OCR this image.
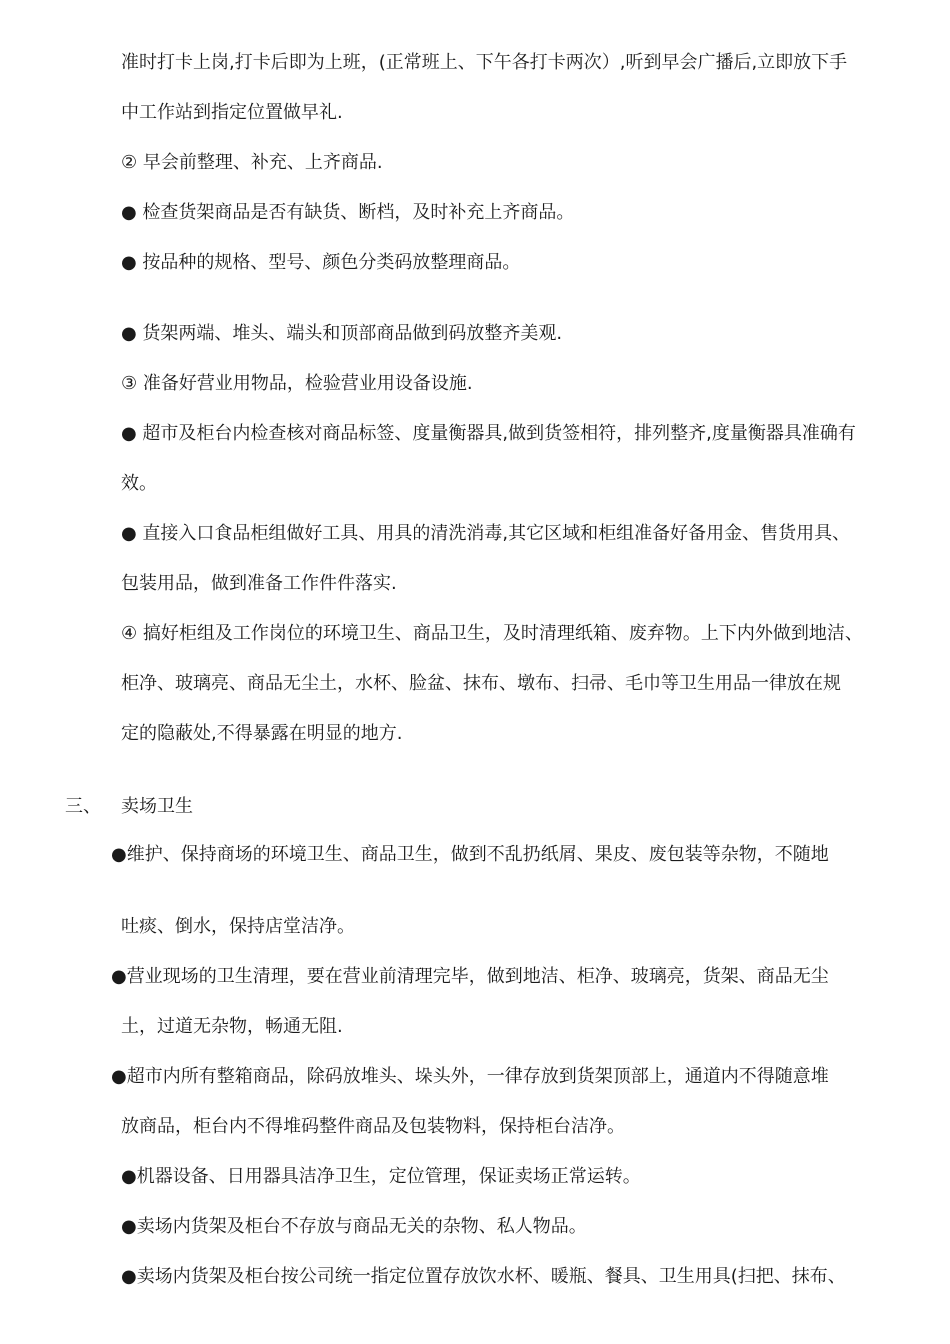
准时打卡上岗,打卡后即为上班，(正常班上、下午各打卡两次）,听到早会广播后,立即放下手
中工作站到指定位置做早礼.
② 早会前整理、补充、上齐商品.
● 检查货架商品是否有缺货、断档，及时补充上齐商品。
● 按品种的规格、型号、颜色分类码放整理商品。
● 货架两端、堆头、端头和顶部商品做到码放整齐美观.
③ 准备好营业用物品，检验营业用设备设施.
● 超市及柜台内检查核对商品标签、度量衡器具,做到货签相符，排列整齐,度量衡器具准确有
效。
● 直接入口食品柜组做好工具、用具的清洗消毒,其它区域和柜组准备好备用金、售货用具、
包装用品，做到准备工作件件落实.
④ 搞好柜组及工作岗位的环境卫生、商品卫生，及时清理纸箱、废弃物。上下内外做到地洁、
柜净、玻璃亮、商品无尘土，水杯、脸盆、抹布、墩布、扫帚、毛巾等卫生用品一律放在规
定的隐蔽处,不得暴露在明显的地方.
三、 卖场卫生
●维护、保持商场的环境卫生、商品卫生，做到不乱扔纸屑、果皮、废包装等杂物，不随地
吐痰、倒水，保持店堂洁净。
●营业现场的卫生清理，要在营业前清理完毕，做到地洁、柜净、玻璃亮，货架、商品无尘
土，过道无杂物，畅通无阻.
●超市内所有整箱商品，除码放堆头、垛头外，一律存放到货架顶部上，通道内不得随意堆
放商品，柜台内不得堆码整件商品及包装物料，保持柜台洁净。
●机器设备、日用器具洁净卫生，定位管理，保证卖场正常运转。
●卖场内货架及柜台不存放与商品无关的杂物、私人物品。
●卖场内货架及柜台按公司统一指定位置存放饮水杯、暖瓶、餐具、卫生用具(扫把、抹布、
